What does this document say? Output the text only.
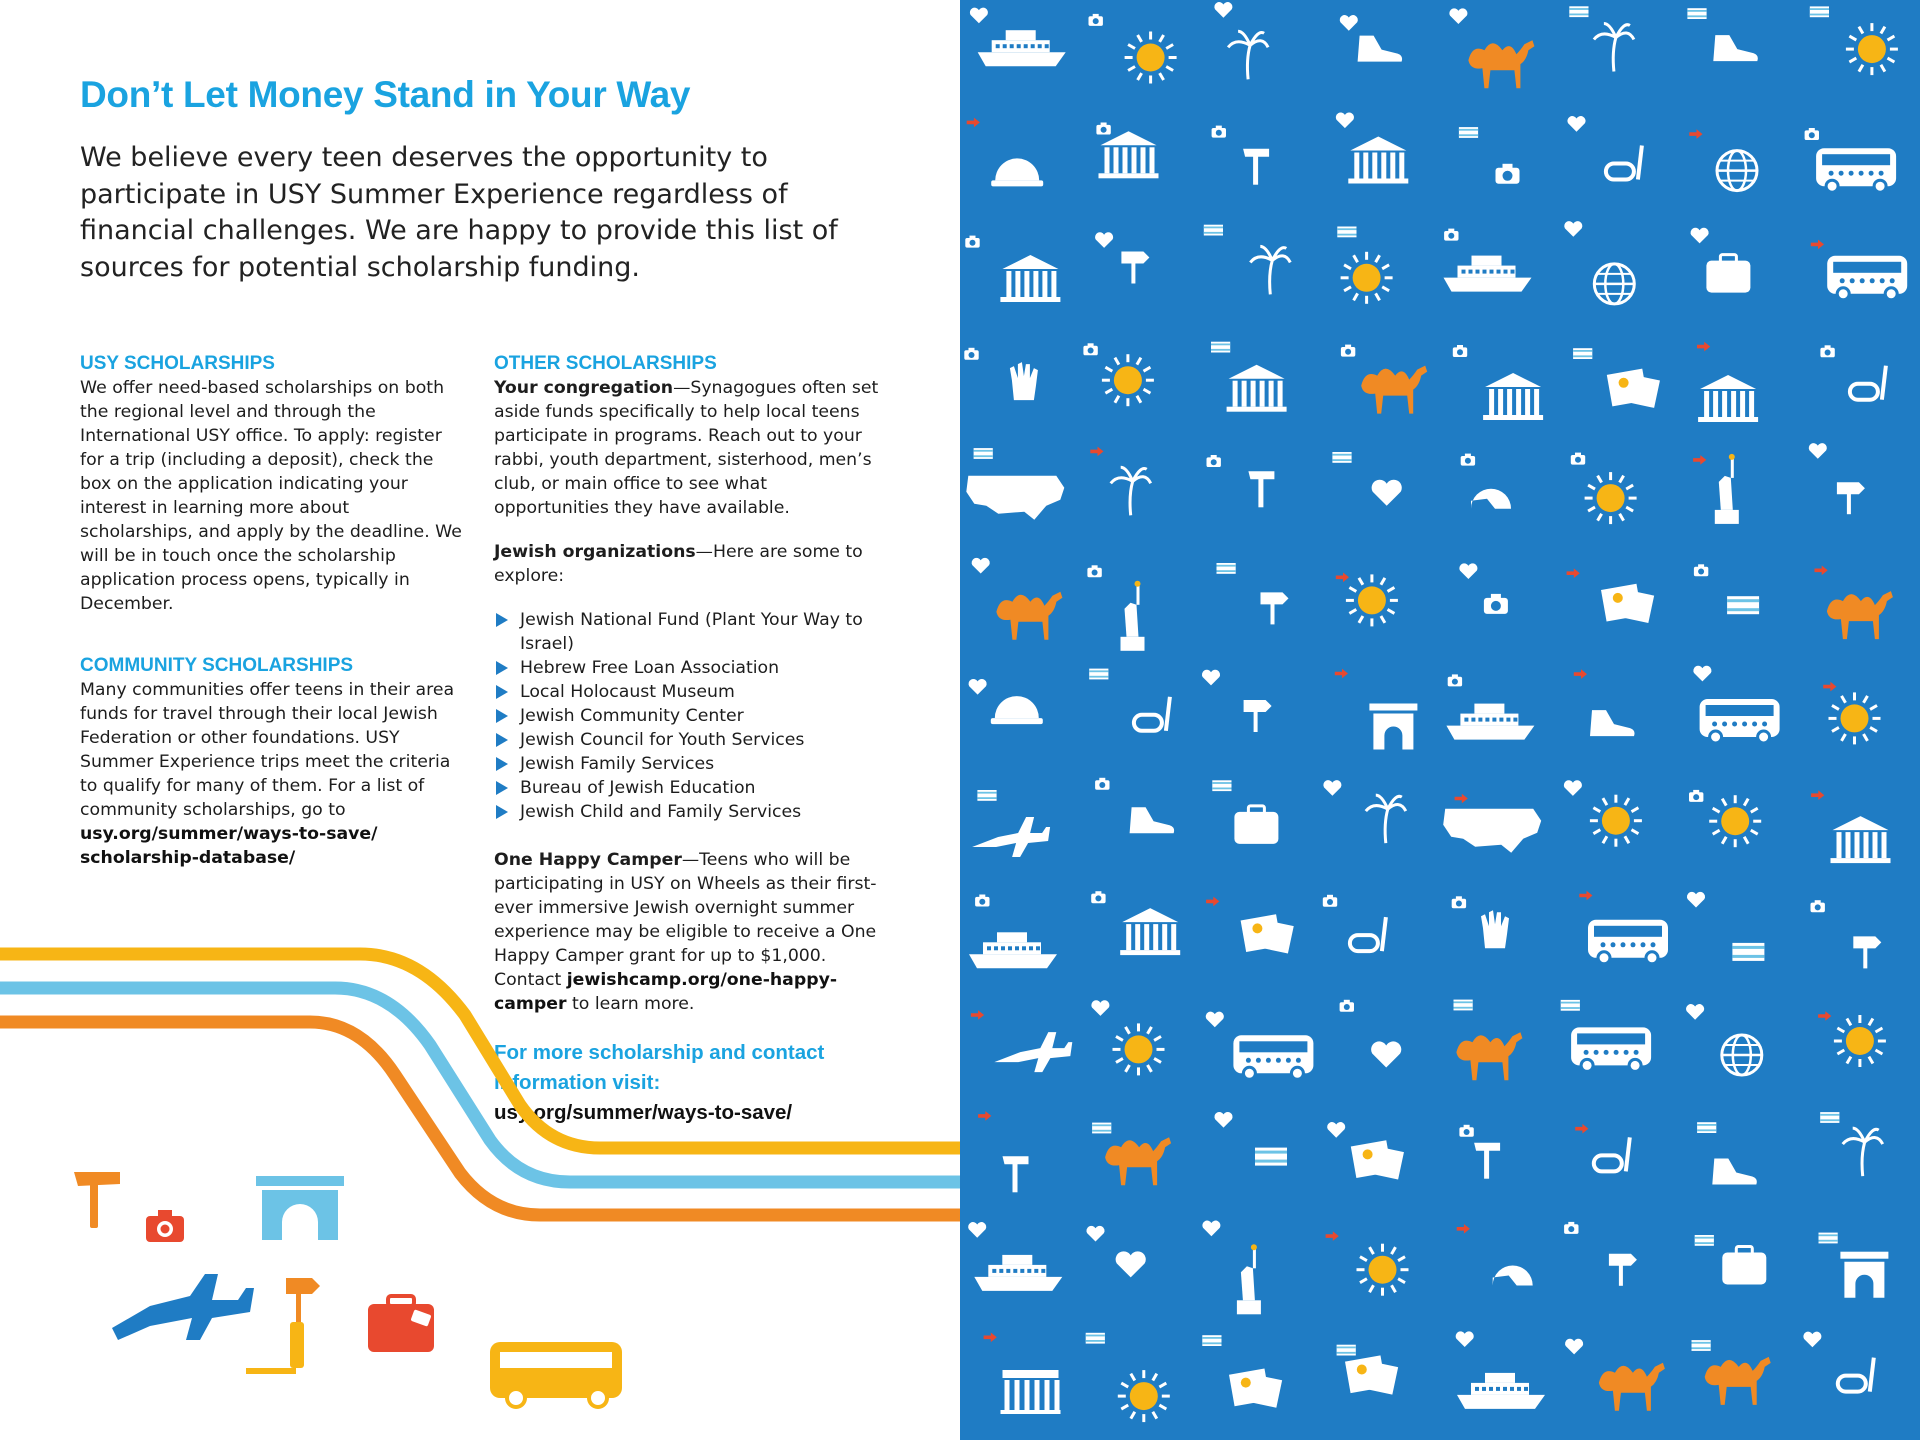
Don’t Let Money Stand in Your Way

We believe every teen deserves the opportunity to participate in USY Summer Experience regardless of financial challenges. We are happy to provide this list of sources for potential scholarship funding.

USY SCHOLARSHIPS

We offer need-based scholarships on both the regional level and through the International USY office. To apply: register for a trip (including a deposit), check the box on the application indicating your interest in learning more about scholarships, and apply by the deadline. We will be in touch once the scholarship application process opens, typically in December.

COMMUNITY SCHOLARSHIPS

Many communities offer teens in their area funds for travel through their local Jewish Federation or other foundations. USY Summer Experience trips meet the criteria to qualify for many of them. For a list of community scholarships, go to usy.org/summer/ways-to-save/ scholarship-database/

OTHER SCHOLARSHIPS

Your congregation—Synagogues often set aside funds specifically to help local teens participate in programs. Reach out to your rabbi, youth department, sisterhood, men’s club, or main office to see what opportunities they have available.

Jewish organizations—Here are some to explore:

Jewish National Fund (Plant Your Way to Israel)
Hebrew Free Loan Association
Local Holocaust Museum
Jewish Community Center
Jewish Council for Youth Services
Jewish Family Services
Bureau of Jewish Education
Jewish Child and Family Services

One Happy Camper—Teens who will be participating in USY on Wheels as their first-ever immersive Jewish overnight summer experience may be eligible to receive a One Happy Camper grant for up to $1,000. Contact jewishcamp.org/one-happy-camper to learn more.

For more scholarship and contact information visit: usy.org/summer/ways-to-save/
